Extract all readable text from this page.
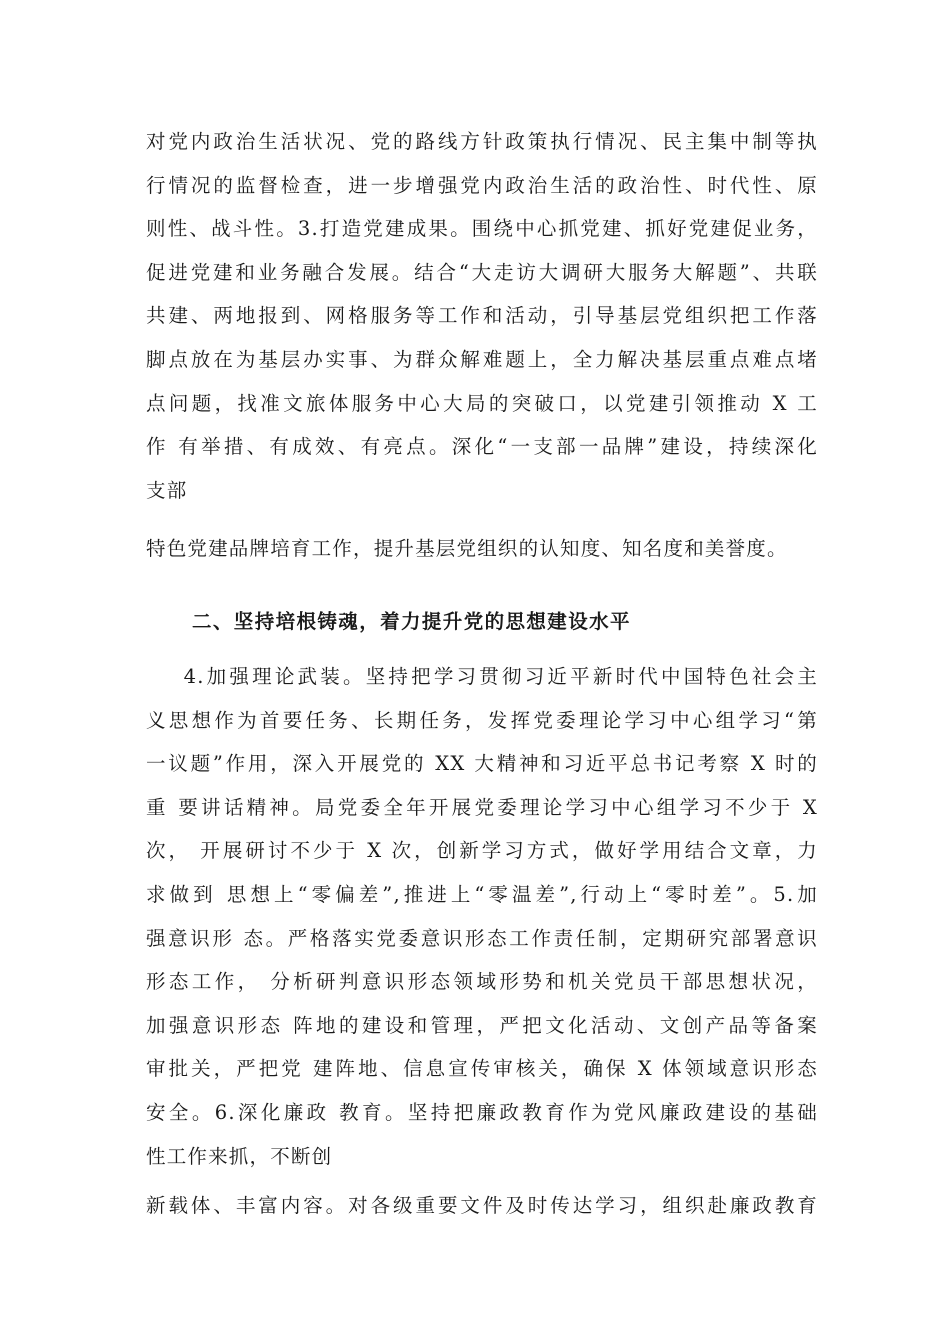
对党内政治生活状况、党的路线方针政策执行情况、民主集中制等执
行情况的监督检查，进一步增强党内政治生活的政治性、时代性、原
则性、战斗性。3.打造党建成果。围绕中心抓党建、抓好党建促业务，
促进党建和业务融合发展。结合“大走访大调研大服务大解题”、共联
共建、两地报到、网格服务等工作和活动，引导基层党组织把工作落
脚点放在为基层办实事、为群众解难题上，全力解决基层重点难点堵
点问题，找准文旅体服务中心大局的突破口，以党建引领推动 X 工
作 有举措、有成效、有亮点。深化“一支部一品牌”建设，持续深化
支部
特色党建品牌培育工作，提升基层党组织的认知度、知名度和美誉度。
二、坚持培根铸魂，着力提升党的思想建设水平
4.加强理论武装。坚持把学习贯彻习近平新时代中国特色社会主
义思想作为首要任务、长期任务，发挥党委理论学习中心组学习“第
一议题”作用，深入开展党的 XX 大精神和习近平总书记考察 X 时的
重 要讲话精神。局党委全年开展党委理论学习中心组学习不少于 X
次， 开展研讨不少于 X 次，创新学习方式，做好学用结合文章，力
求做到 思想上“零偏差”,推进上“零温差”,行动上“零时差”。5.加
强意识形 态。严格落实党委意识形态工作责任制，定期研究部署意识
形态工作， 分析研判意识形态领域形势和机关党员干部思想状况，
加强意识形态 阵地的建设和管理，严把文化活动、文创产品等备案
审批关，严把党 建阵地、信息宣传审核关，确保 X 体领域意识形态
安全。6.深化廉政 教育。坚持把廉政教育作为党风廉政建设的基础
性工作来抓，不断创
新载体、丰富内容。对各级重要文件及时传达学习，组织赴廉政教育
